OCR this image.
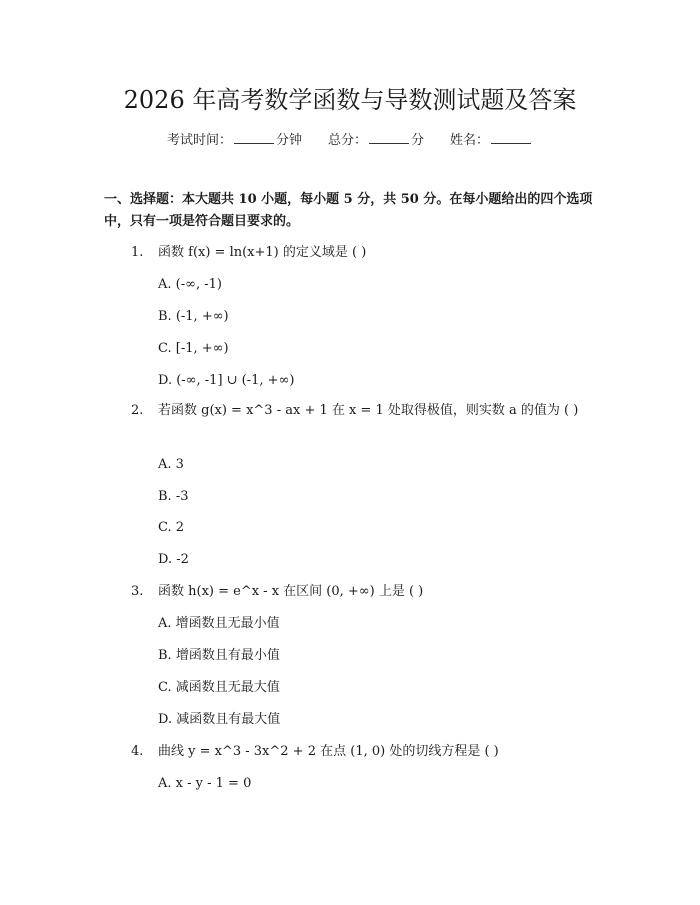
2026 年高考数学函数与导数测试题及答案
考试时间：	分钟 总分：	分 姓名：
一、选择题：本大题共 10 小题，每小题 5 分，共 50 分。在每小题给出的四个选项中，只有一项是符合题目要求的。
1. 函数 f(x) = ln(x+1) 的定义域是 ( )
A. (-∞, -1)
B. (-1, +∞)
C. [-1, +∞)
D. (-∞, -1] ∪ (-1, +∞)
2.	若函数 g(x) = x^3 - ax + 1 在 x = 1 处取得极值，则实数 a 的值为 ( )
A. 3
B. -3
C. 2
D. -2
3. 函数 h(x) = e^x - x 在区间 (0, +∞) 上是 ( )
A. 增函数且无最小值
B. 增函数且有最小值
C. 减函数且无最大值
D. 减函数且有最大值
4. 曲线 y = x^3 - 3x^2 + 2 在点 (1, 0) 处的切线方程是 ( )
A. x - y - 1 = 0
